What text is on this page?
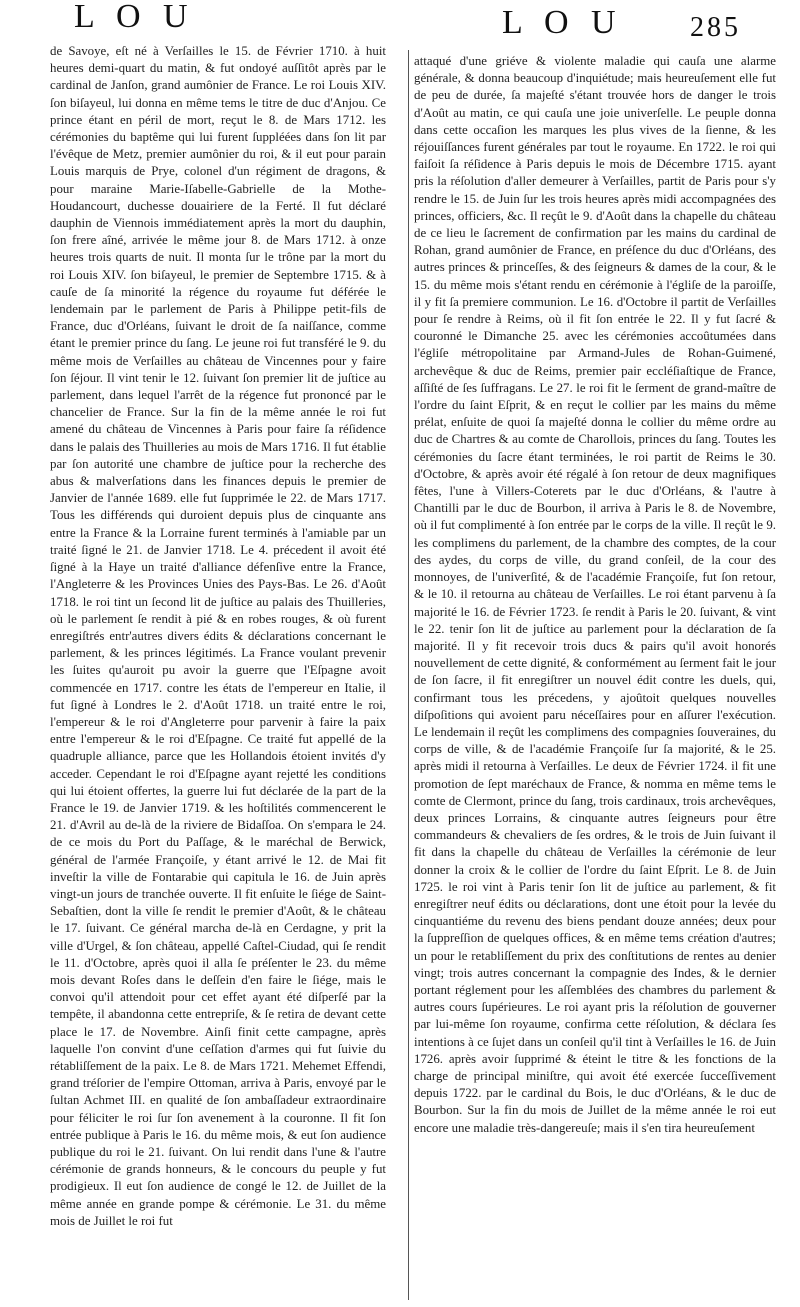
L O U	L O U 285

de Savoye, eſt né à Verſailles le 15. de Février 1710. à huit heures demi-quart du matin, & fut ondoyé auſſitôt après par le cardinal de Janſon, grand aumônier de France. Le roi Louis XIV. ſon biſayeul, lui donna en même tems le titre de duc d'Anjou. Ce prince étant en péril de mort, reçut le 8. de Mars 1712. les cérémonies du baptême qui lui furent ſuppléées dans ſon lit par l'évêque de Metz, premier aumônier du roi, & il eut pour parain Louis marquis de Prye, colonel d'un régiment de dragons, & pour maraine Marie-Iſabelle-Gabrielle de la Mothe-Houdancourt, duchesse douairiere de la Ferté. Il fut déclaré dauphin de Viennois immédiatement après la mort du dauphin, ſon frere aîné, arrivée le même jour 8. de Mars 1712. à onze heures trois quarts de nuit. Il monta ſur le trône par la mort du roi Louis XIV. ſon biſayeul, le premier de Septembre 1715. & à cauſe de ſa minorité la régence du royaume fut déférée le lendemain par le parlement de Paris à Philippe petit-fils de France, duc d'Orléans, ſuivant le droit de ſa naiſſance, comme étant le premier prince du ſang. Le jeune roi fut transféré le 9. du même mois de Verſailles au château de Vincennes pour y faire ſon ſéjour. Il vint tenir le 12. ſuivant ſon premier lit de juſtice au parlement, dans lequel l'arrêt de la régence fut prononcé par le chancelier de France. Sur la fin de la même année le roi fut amené du château de Vincennes à Paris pour faire ſa réſidence dans le palais des Thuilleries au mois de Mars 1716. Il fut établie par ſon autorité une chambre de juſtice pour la recherche des abus & malverſations dans les finances depuis le premier de Janvier de l'année 1689. elle fut ſupprimée le 22. de Mars 1717. Tous les différends qui duroient depuis plus de cinquante ans entre la France & la Lorraine furent terminés à l'amiable par un traité ſigné le 21. de Janvier 1718. Le 4. précedent il avoit été ſigné à la Haye un traité d'alliance défenſive entre la France, l'Angleterre & les Provinces Unies des Pays-Bas. Le 26. d'Août 1718. le roi tint un ſecond lit de juſtice au palais des Thuilleries, où le parlement ſe rendit à pié & en robes rouges, & où furent enregiſtrés entr'autres divers édits & déclarations concernant le parlement, & les princes légitimés. La France voulant prevenir les ſuites qu'auroit pu avoir la guerre que l'Eſpagne avoit commencée en 1717. contre les états de l'empereur en Italie, il fut ſigné à Londres le 2. d'Août 1718. un traité entre le roi, l'empereur & le roi d'Angleterre pour parvenir à faire la paix entre l'empereur & le roi d'Eſpagne. Ce traité fut appellé de la quadruple alliance, parce que les Hollandois étoient invités d'y acceder. Cependant le roi d'Eſpagne ayant rejetté les conditions qui lui étoient offertes, la guerre lui fut déclarée de la part de la France le 19. de Janvier 1719. & les hoſtilités commencerent le 21. d'Avril au de-là de la riviere de Bidaſſoa. On s'empara le 24. de ce mois du Port du Paſſage, & le maréchal de Berwick, général de l'armée Françoiſe, y étant arrivé le 12. de Mai fit inveſtir la ville de Fontarabie qui capitula le 16. de Juin après vingt-un jours de tranchée ouverte. Il fit enſuite le ſiége de Saint-Sebaſtien, dont la ville ſe rendit le premier d'Août, & le château le 17. ſuivant. Ce général marcha de-là en Cerdagne, y prit la ville d'Urgel, & ſon château, appellé Caſtel-Ciudad, qui ſe rendit le 11. d'Octobre, après quoi il alla ſe préſenter le 23. du même mois devant Roſes dans le deſſein d'en faire le ſiége, mais le convoi qu'il attendoit pour cet effet ayant été diſperſé par la tempête, il abandonna cette entrepriſe, & ſe retira de devant cette place le 17. de Novembre. Ainſi finit cette campagne, après laquelle l'on convint d'une ceſſation d'armes qui fut ſuivie du rétabliſſement de la paix. Le 8. de Mars 1721. Mehemet Effendi, grand tréſorier de l'empire Ottoman, arriva à Paris, envoyé par le ſultan Achmet III. en qualité de ſon ambaſſadeur extraordinaire pour féliciter le roi ſur ſon avenement à la couronne. Il fit ſon entrée publique à Paris le 16. du même mois, & eut ſon audience publique du roi le 21. ſuivant. On lui rendit dans l'une & l'autre cérémonie de grands honneurs, & le concours du peuple y fut prodigieux. Il eut ſon audience de congé le 12. de Juillet de la même année en grande pompe & cérémonie. Le 31. du même mois de Juillet le roi fut

attaqué d'une griéve & violente maladie qui cauſa une alarme générale, & donna beaucoup d'inquiétude; mais heureuſement elle fut de peu de durée, ſa majeſté s'étant trouvée hors de danger le trois d'Août au matin, ce qui cauſa une joie univerſelle. Le peuple donna dans cette occaſion les marques les plus vives de la ſienne, & les réjouiſſances furent générales par tout le royaume. En 1722. le roi qui faiſoit ſa réſidence à Paris depuis le mois de Décembre 1715. ayant pris la réſolution d'aller demeurer à Verſailles, partit de Paris pour s'y rendre le 15. de Juin ſur les trois heures après midi accompagnées des princes, officiers, &c. Il reçût le 9. d'Août dans la chapelle du château de ce lieu le ſacrement de confirmation par les mains du cardinal de Rohan, grand aumônier de France, en préſence du duc d'Orléans, des autres princes & princeſſes, & des ſeigneurs & dames de la cour, & le 15. du même mois s'étant rendu en cérémonie à l'égliſe de la paroiſſe, il y fit ſa premiere communion. Le 16. d'Octobre il partit de Verſailles pour ſe rendre à Reims, où il fit ſon entrée le 22. Il y fut ſacré & couronné le Dimanche 25. avec les cérémonies accoûtumées dans l'égliſe métropolitaine par Armand-Jules de Rohan-Guimené, archevêque & duc de Reims, premier pair eccléſiaſtique de France, aſſiſté de ſes ſuffragans. Le 27. le roi fit le ſerment de grand-maître de l'ordre du ſaint Eſprit, & en reçut le collier par les mains du même prélat, enſuite de quoi ſa majeſté donna le collier du même ordre au duc de Chartres & au comte de Charollois, princes du ſang. Toutes les cérémonies du ſacre étant terminées, le roi partit de Reims le 30. d'Octobre, & après avoir été régalé à ſon retour de deux magnifiques fêtes, l'une à Villers-Coterets par le duc d'Orléans, & l'autre à Chantilli par le duc de Bourbon, il arriva à Paris le 8. de Novembre, où il fut complimenté à ſon entrée par le corps de la ville. Il reçût le 9. les complimens du parlement, de la chambre des comptes, de la cour des aydes, du corps de ville, du grand conſeil, de la cour des monnoyes, de l'univerſité, & de l'académie Françoiſe, fut ſon retour, & le 10. il retourna au château de Verſailles. Le roi étant parvenu à ſa majorité le 16. de Février 1723. ſe rendit à Paris le 20. ſuivant, & vint le 22. tenir ſon lit de juſtice au parlement pour la déclaration de ſa majorité. Il y fit recevoir trois ducs & pairs qu'il avoit honorés nouvellement de cette dignité, & conformément au ſerment fait le jour de ſon ſacre, il fit enregiſtrer un nouvel édit contre les duels, qui, confirmant tous les précedens, y ajoûtoit quelques nouvelles diſpoſitions qui avoient paru néceſſaires pour en aſſurer l'exécution. Le lendemain il reçût les complimens des compagnies ſouveraines, du corps de ville, & de l'académie Françoiſe ſur ſa majorité, & le 25. après midi il retourna à Verſailles. Le deux de Février 1724. il fit une promotion de ſept maréchaux de France, & nomma en même tems le comte de Clermont, prince du ſang, trois cardinaux, trois archevêques, deux princes Lorrains, & cinquante autres ſeigneurs pour être commandeurs & chevaliers de ſes ordres, & le trois de Juin ſuivant il fit dans la chapelle du château de Verſailles la cérémonie de leur donner la croix & le collier de l'ordre du ſaint Eſprit. Le 8. de Juin 1725. le roi vint à Paris tenir ſon lit de juſtice au parlement, & fit enregiſtrer neuf édits ou déclarations, dont une étoit pour la levée du cinquantiéme du revenu des biens pendant douze années; deux pour la ſuppreſſion de quelques offices, & en même tems création d'autres; un pour le retabliſſement du prix des conſtitutions de rentes au denier vingt; trois autres concernant la compagnie des Indes, & le dernier portant réglement pour les aſſemblées des chambres du parlement & autres cours ſupérieures. Le roi ayant pris la réſolution de gouverner par lui-même ſon royaume, confirma cette réſolution, & déclara ſes intentions à ce ſujet dans un conſeil qu'il tint à Verſailles le 16. de Juin 1726. après avoir ſupprimé & éteint le titre & les fonctions de la charge de principal miniſtre, qui avoit été exercée ſucceſſivement depuis 1722. par le cardinal du Bois, le duc d'Orléans, & le duc de Bourbon. Sur la fin du mois de Juillet de la même année le roi eut encore une maladie très-dangereuſe; mais il s'en tira heureuſement
